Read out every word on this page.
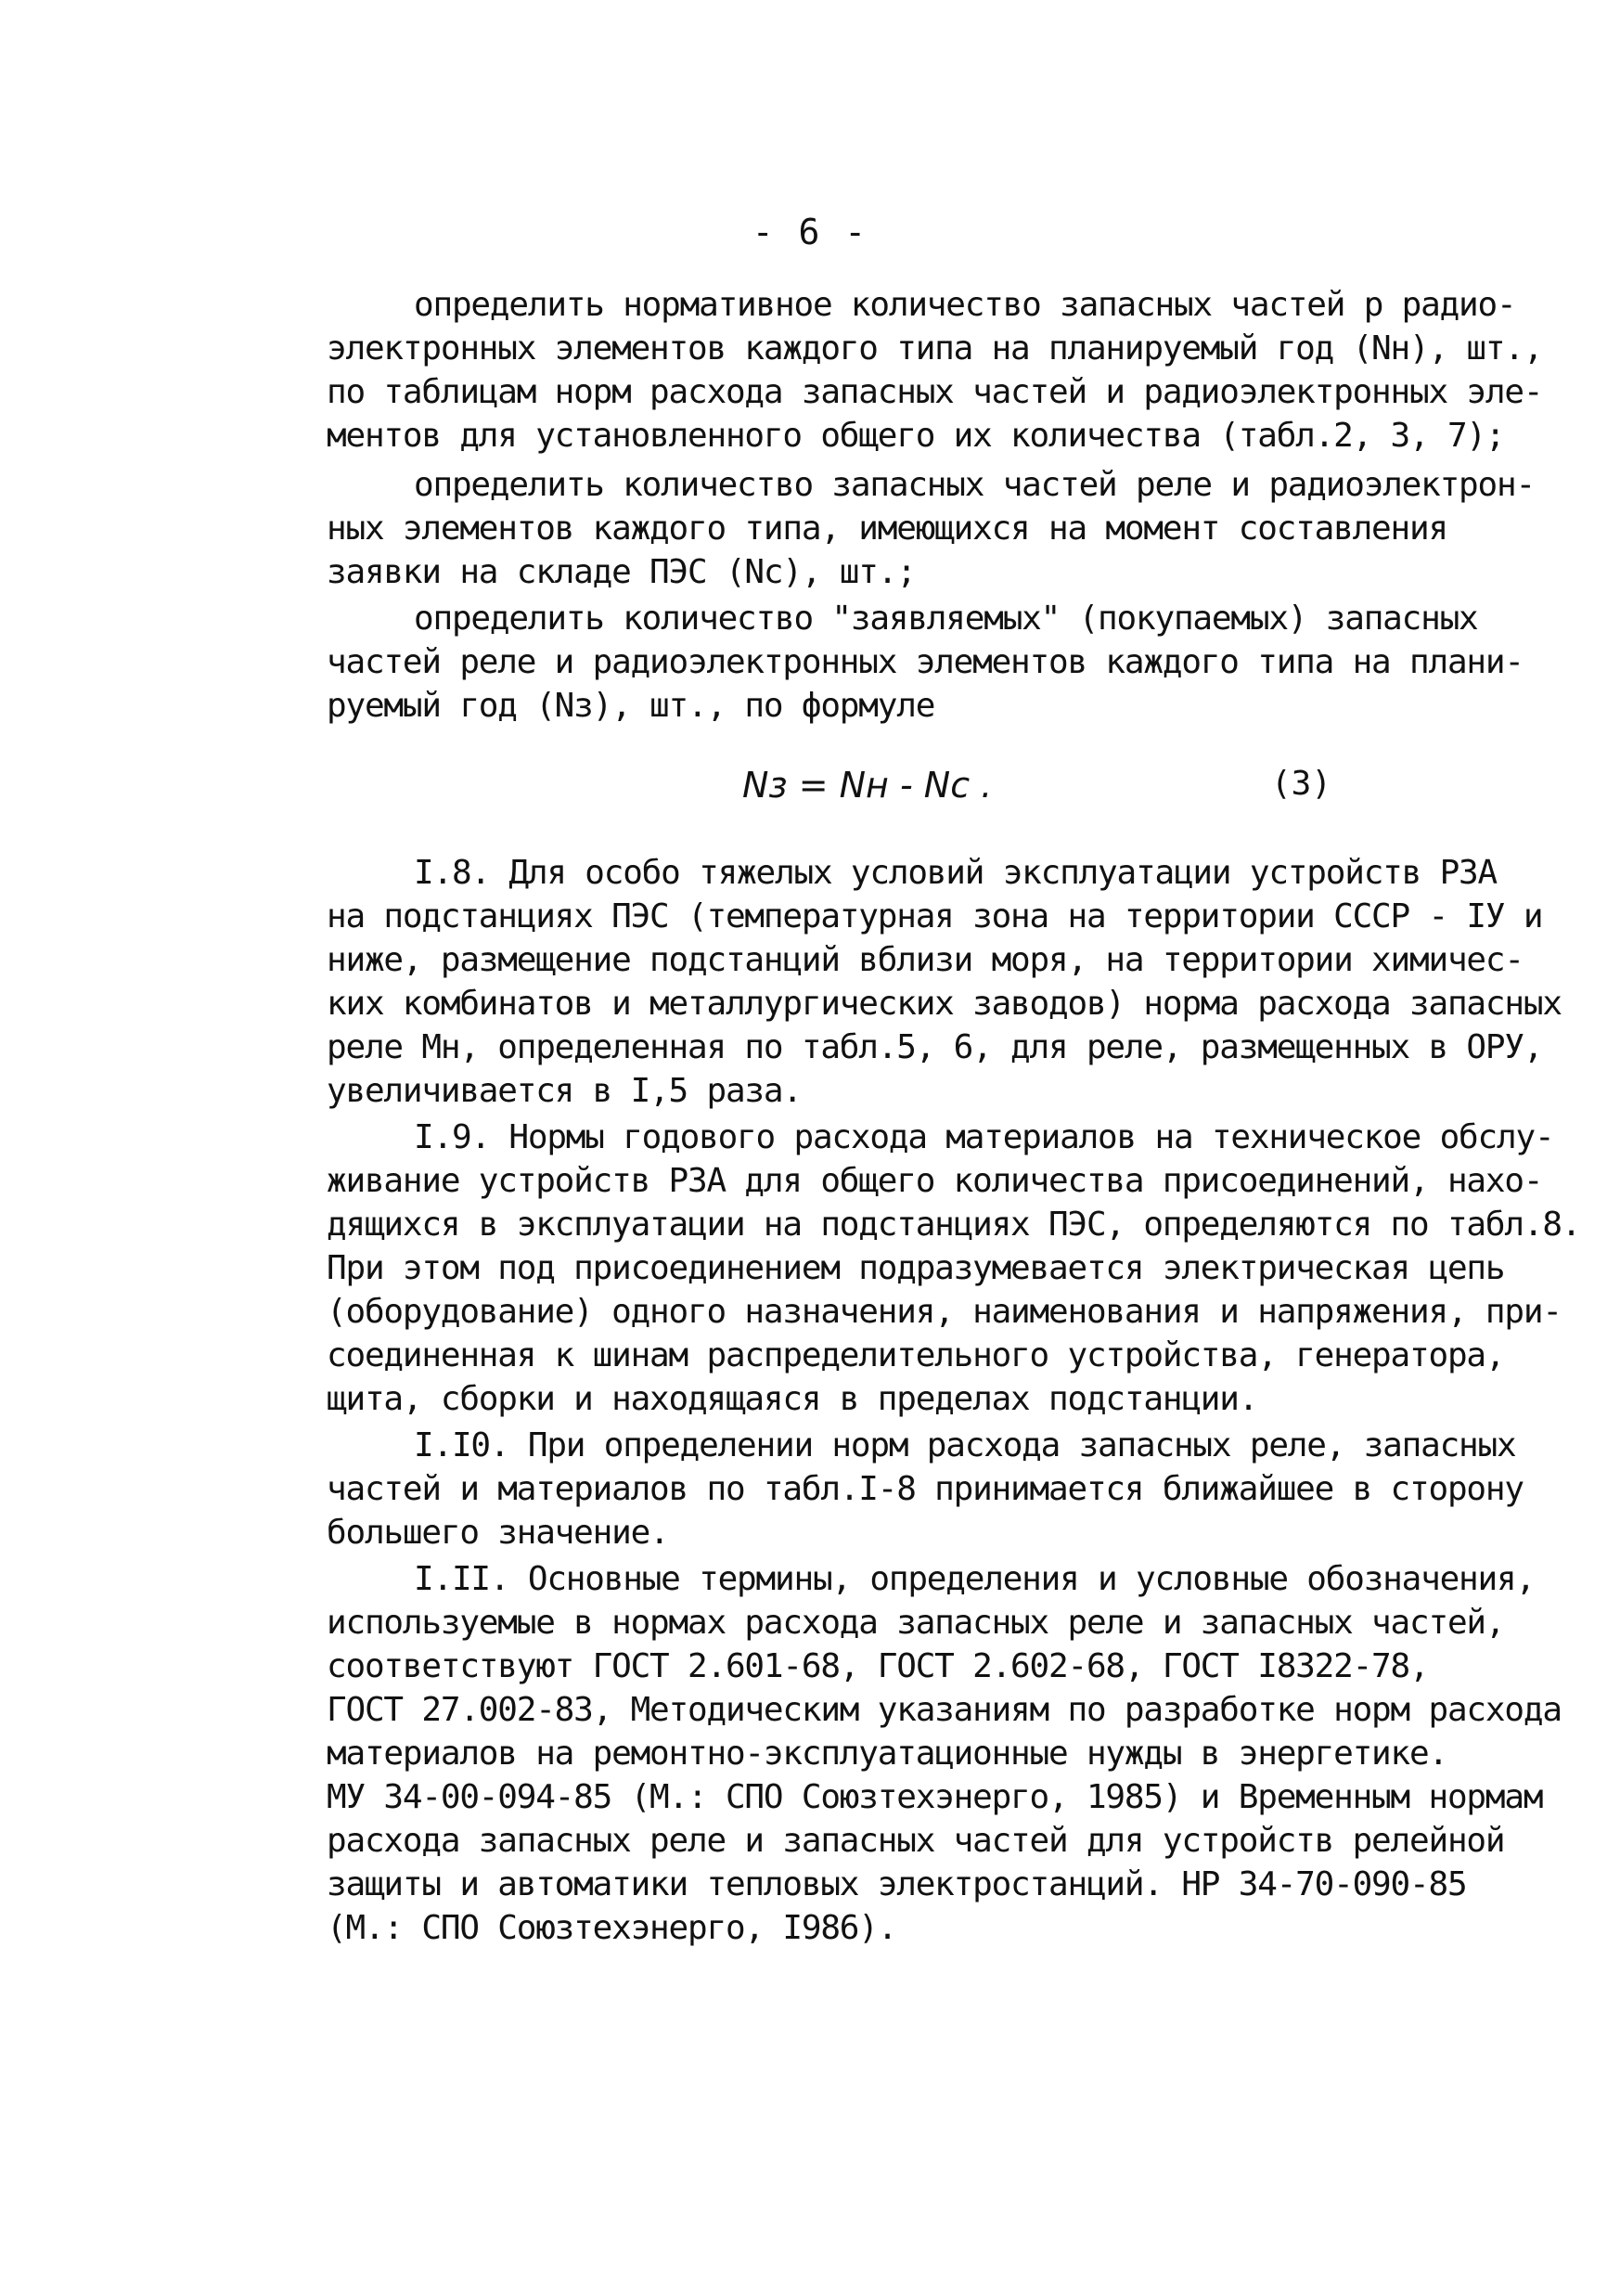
- 6 -
определить нормативное количество запасных частей р радио-
электронных элементов каждого типа на планируемый год (Nн), шт.,
по таблицам норм расхода запасных частей и радиоэлектронных эле-
ментов для установленного общего их количества (табл.2, 3, 7);
определить количество запасных частей реле и радиоэлектрон-
ных элементов каждого типа, имеющихся на момент составления
заявки на складе ПЭС (Nc), шт.;
определить количество "заявляемых" (покупаемых) запасных
частей реле и радиоэлектронных элементов каждого типа на плани-
руемый год (Nз), шт., по формуле
Nз = Nн - Nc .	(3)
I.8. Для особо тяжелых условий эксплуатации устройств РЗА
на подстанциях ПЭС (температурная зона на территории СССР - IУ и
ниже, размещение подстанций вблизи моря, на территории химичес-
ких комбинатов и металлургических заводов) норма расхода запасных
реле Мн, определенная по табл.5, 6, для реле, размещенных в ОРУ,
увеличивается в I,5 раза.
I.9. Нормы годового расхода материалов на техническое обслу-
живание устройств РЗА для общего количества присоединений, нахо-
дящихся в эксплуатации на подстанциях ПЭС, определяются по табл.8.
При этом под присоединением подразумевается электрическая цепь
(оборудование) одного назначения, наименования и напряжения, при-
соединенная к шинам распределительного устройства, генератора,
щита, сборки и находящаяся в пределах подстанции.
I.I0. При определении норм расхода запасных реле, запасных
частей и материалов по табл.I-8 принимается ближайшее в сторону
большего значение.
I.II. Основные термины, определения и условные обозначения,
используемые в нормах расхода запасных реле и запасных частей,
соответствуют ГОСТ 2.601-68, ГОСТ 2.602-68, ГОСТ I8322-78,
ГОСТ 27.002-83, Методическим указаниям по разработке норм расхода
материалов на ремонтно-эксплуатационные нужды в энергетике.
МУ 34-00-094-85 (М.: СПО Союзтехэнерго, 1985) и Временным нормам
расхода запасных реле и запасных частей для устройств релейной
защиты и автоматики тепловых электростанций. НР 34-70-090-85
(М.: СПО Союзтехэнерго, I986).
